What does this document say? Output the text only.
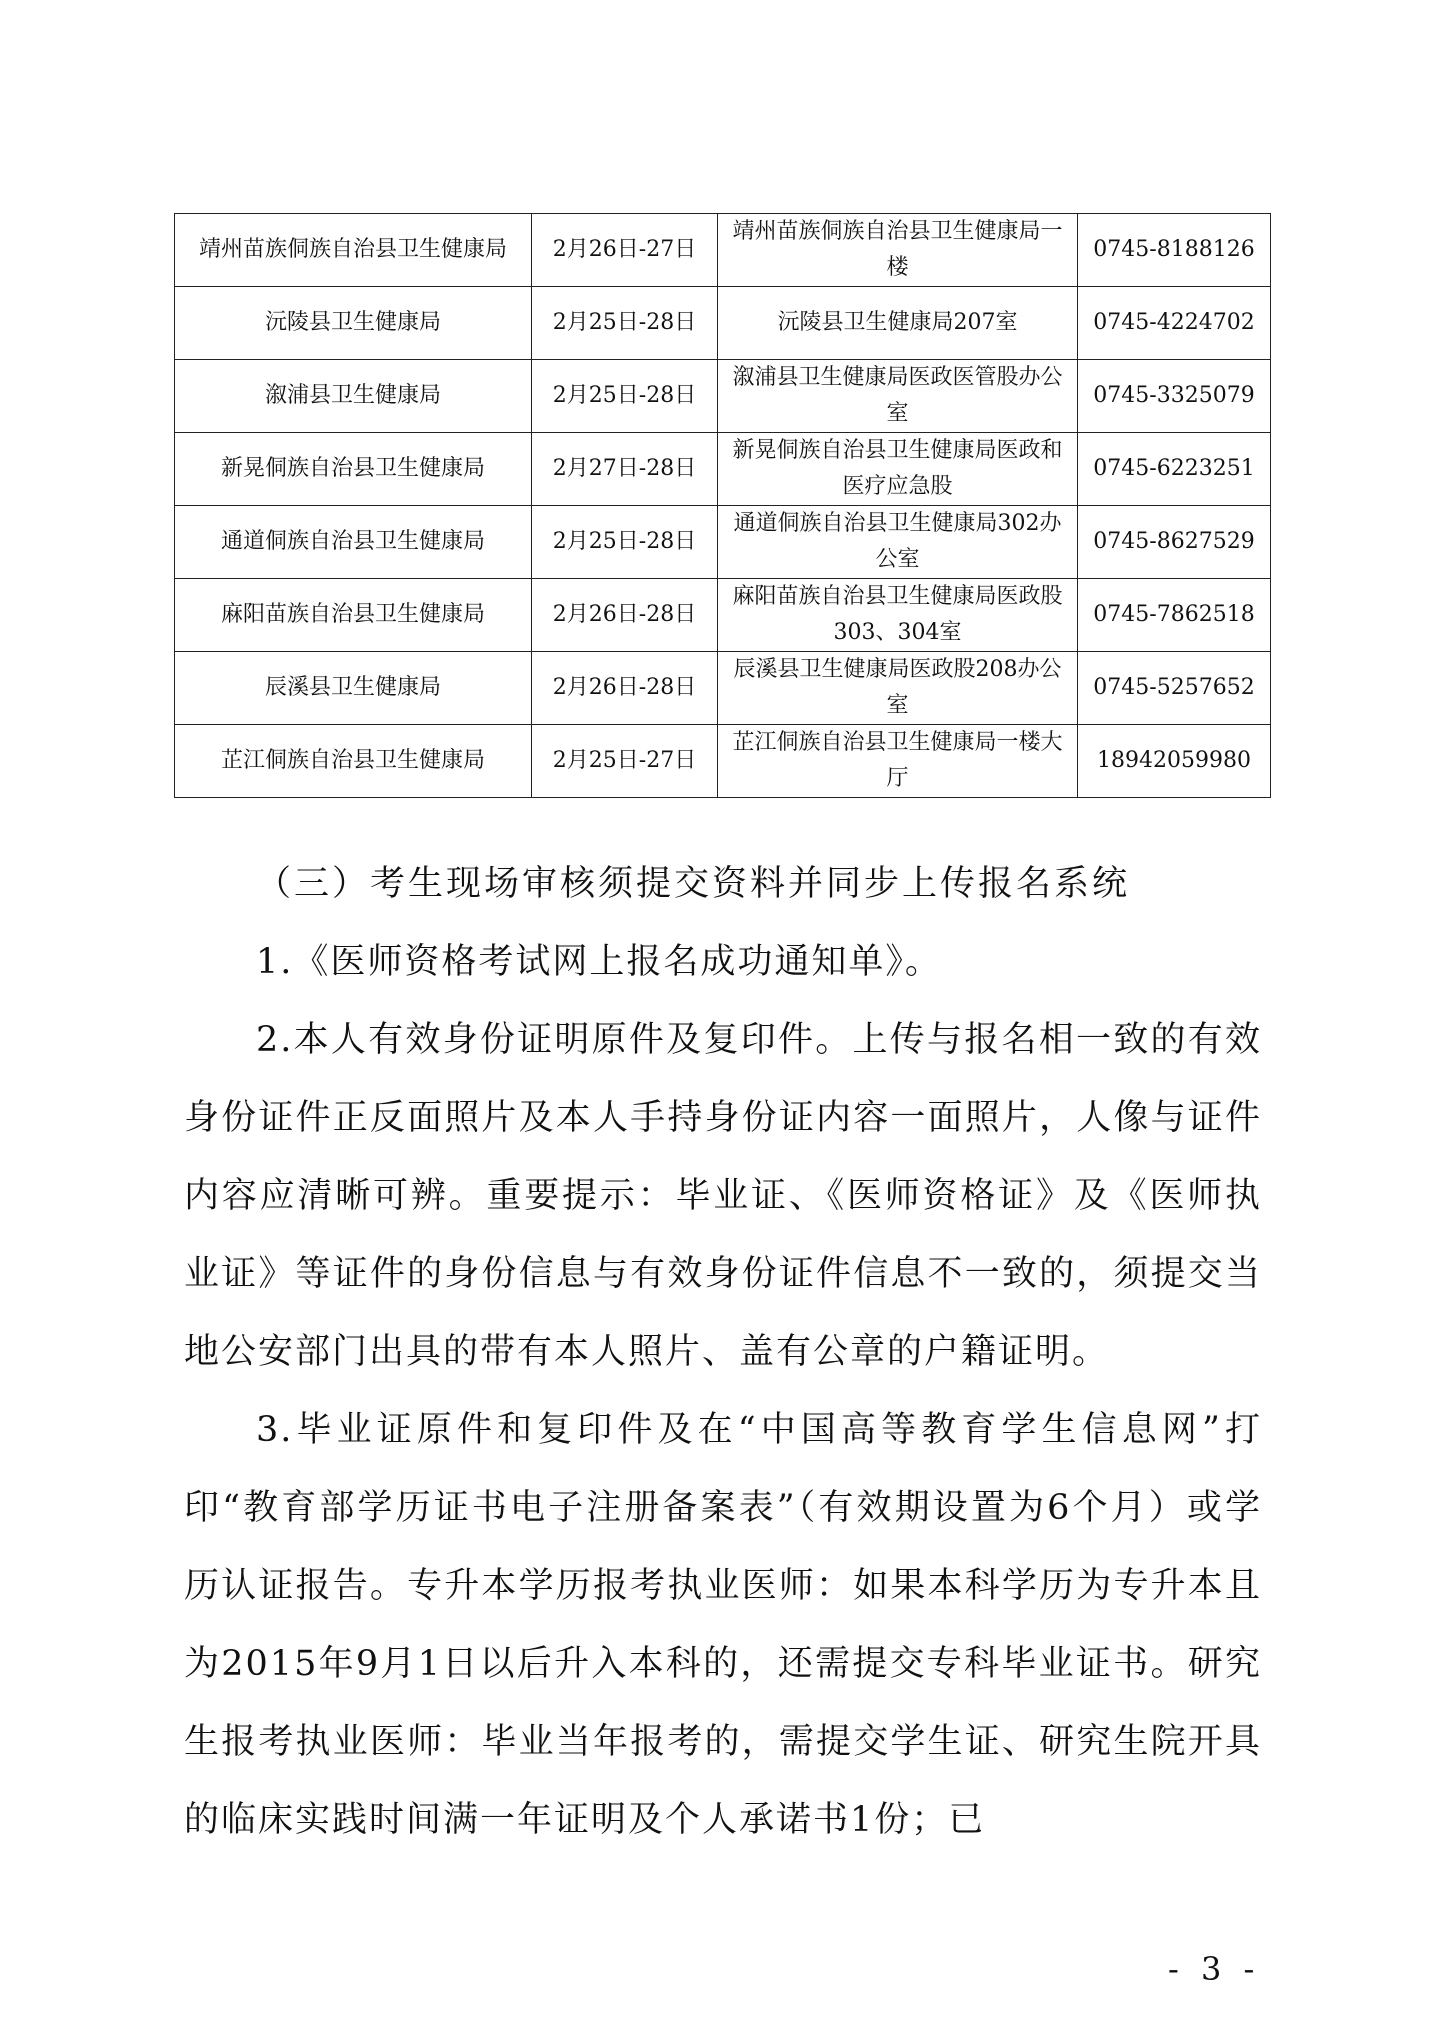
靖州苗族侗族自治县卫生健康局	2月26日-27日	靖州苗族侗族自治县卫生健康局一楼	0745-8188126
沅陵县卫生健康局	2月25日-28日	沅陵县卫生健康局207室	0745-4224702
溆浦县卫生健康局	2月25日-28日	溆浦县卫生健康局医政医管股办公室	0745-3325079
新晃侗族自治县卫生健康局	2月27日-28日	新晃侗族自治县卫生健康局医政和医疗应急股	0745-6223251
通道侗族自治县卫生健康局	2月25日-28日	通道侗族自治县卫生健康局302办公室	0745-8627529
麻阳苗族自治县卫生健康局	2月26日-28日	麻阳苗族自治县卫生健康局医政股303、304室	0745-7862518
辰溪县卫生健康局	2月26日-28日	辰溪县卫生健康局医政股208办公室	0745-5257652
芷江侗族自治县卫生健康局	2月25日-27日	芷江侗族自治县卫生健康局一楼大厅	18942059980

（三）考生现场审核须提交资料并同步上传报名系统

1.《医师资格考试网上报名成功通知单》。

2.本人有效身份证明原件及复印件。上传与报名相一致的有效身份证件正反面照片及本人手持身份证内容一面照片，人像与证件内容应清晰可辨。重要提示：毕业证、《医师资格证》及《医师执业证》等证件的身份信息与有效身份证件信息不一致的，须提交当地公安部门出具的带有本人照片、盖有公章的户籍证明。

3.毕业证原件和复印件及在“中国高等教育学生信息网”打印“教育部学历证书电子注册备案表”（有效期设置为6个月）或学历认证报告。专升本学历报考执业医师：如果本科学历为专升本且为2015年9月1日以后升入本科的，还需提交专科毕业证书。研究生报考执业医师：毕业当年报考的，需提交学生证、研究生院开具的临床实践时间满一年证明及个人承诺书1份；已

- 3 -
